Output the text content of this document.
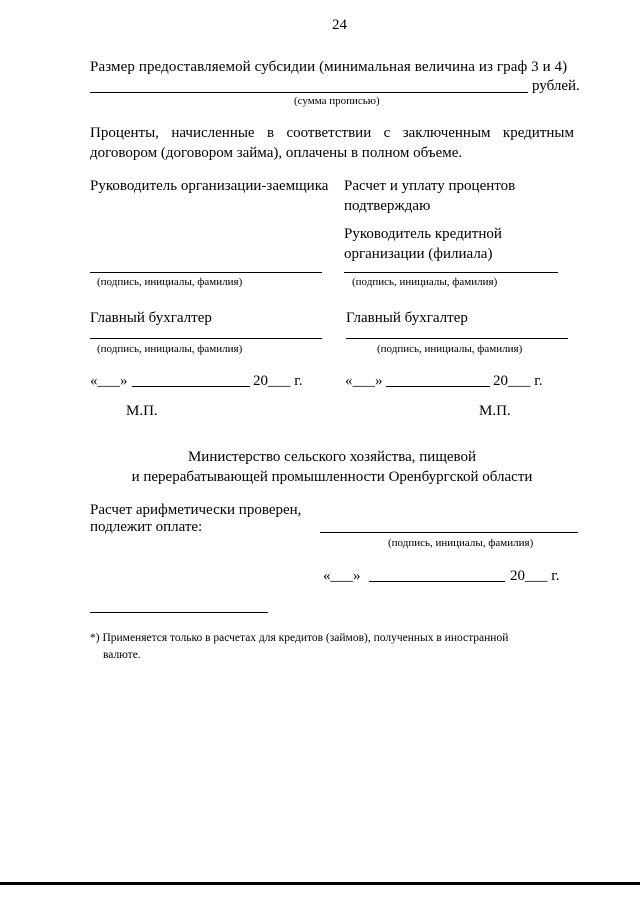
24
Размер предоставляемой субсидии (минимальная величина из граф 3 и 4)
рублей.
(сумма прописью)
Проценты, начисленные в соответствии с заключенным кредитным договором (договором займа), оплачены в полном объеме.
Руководитель организации-заемщика
(подпись, инициалы, фамилия)
Главный бухгалтер
(подпись, инициалы, фамилия)
«___»	20___ г.
М.П.
Расчет и уплату процентов
подтверждаю
Руководитель кредитной
организации (филиала)
(подпись, инициалы, фамилия)
Главный бухгалтер
(подпись, инициалы, фамилия)
«___»	20___ г.
М.П.
Министерство сельского хозяйства, пищевой
и перерабатывающей промышленности Оренбургской области
Расчет арифметически проверен,
подлежит оплате:
(подпись, инициалы, фамилия)
«___»	20___ г.
*) Применяется только в расчетах для кредитов (займов), полученных в иностранной
валюте.
